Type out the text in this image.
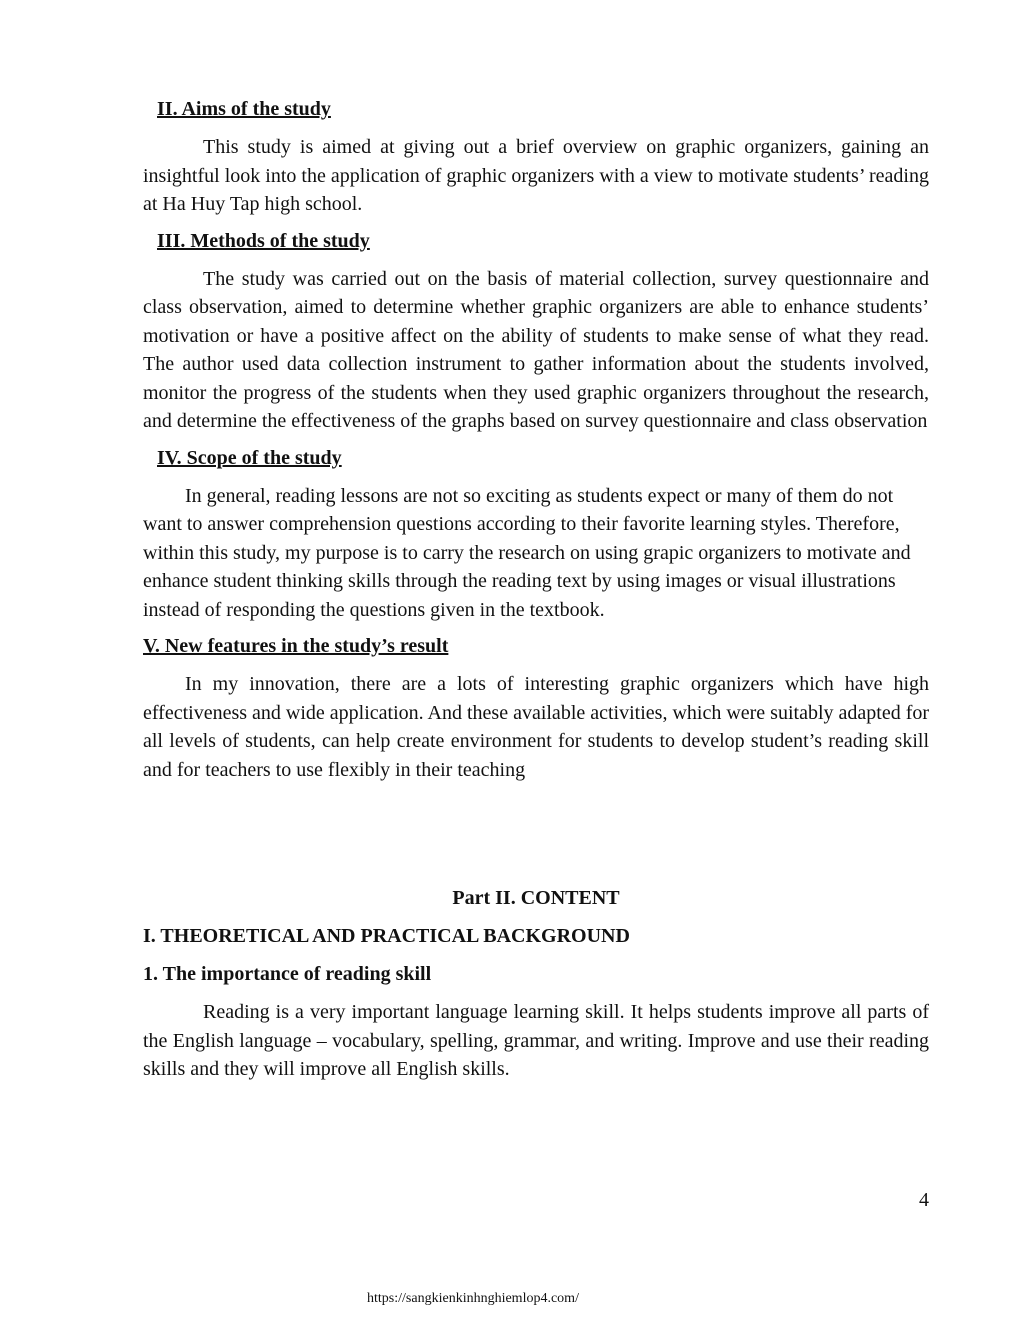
II. Aims of the study

This study is aimed at giving out a brief overview on graphic organizers, gaining an insightful look into the application of graphic organizers with a view to motivate students’ reading at Ha Huy Tap high school.

III. Methods of the study

The study was carried out on the basis of material collection, survey questionnaire and class observation, aimed to determine whether graphic organizers are able to enhance students’ motivation or have a positive affect on the ability of students to make sense of what they read. The author used data collection instrument to gather information about the students involved, monitor the progress of the students when they used graphic organizers throughout the research, and determine the effectiveness of the graphs based on survey questionnaire and class observation

IV. Scope of the study

In general, reading lessons are not so exciting as students expect or many of them do not want to answer comprehension questions according to their favorite learning styles. Therefore, within this study, my purpose is to carry the research on using grapic organizers to motivate and enhance student thinking skills through the reading text by using images or visual illustrations instead of responding the questions given in the textbook.

V. New features in the study’s result

In my innovation, there are a lots of interesting graphic organizers which have high effectiveness and wide application. And these available activities, which were suitably adapted for all levels of students, can help create environment for students to develop student’s reading skill and for teachers to use flexibly in their teaching

Part II. CONTENT
I. THEORETICAL AND PRACTICAL BACKGROUND
1. The importance of reading skill

Reading is a very important language learning skill. It helps students improve all parts of the English language – vocabulary, spelling, grammar, and writing. Improve and use their reading skills and they will improve all English skills.

4
https://sangkienkinhnghiemlop4.com/
